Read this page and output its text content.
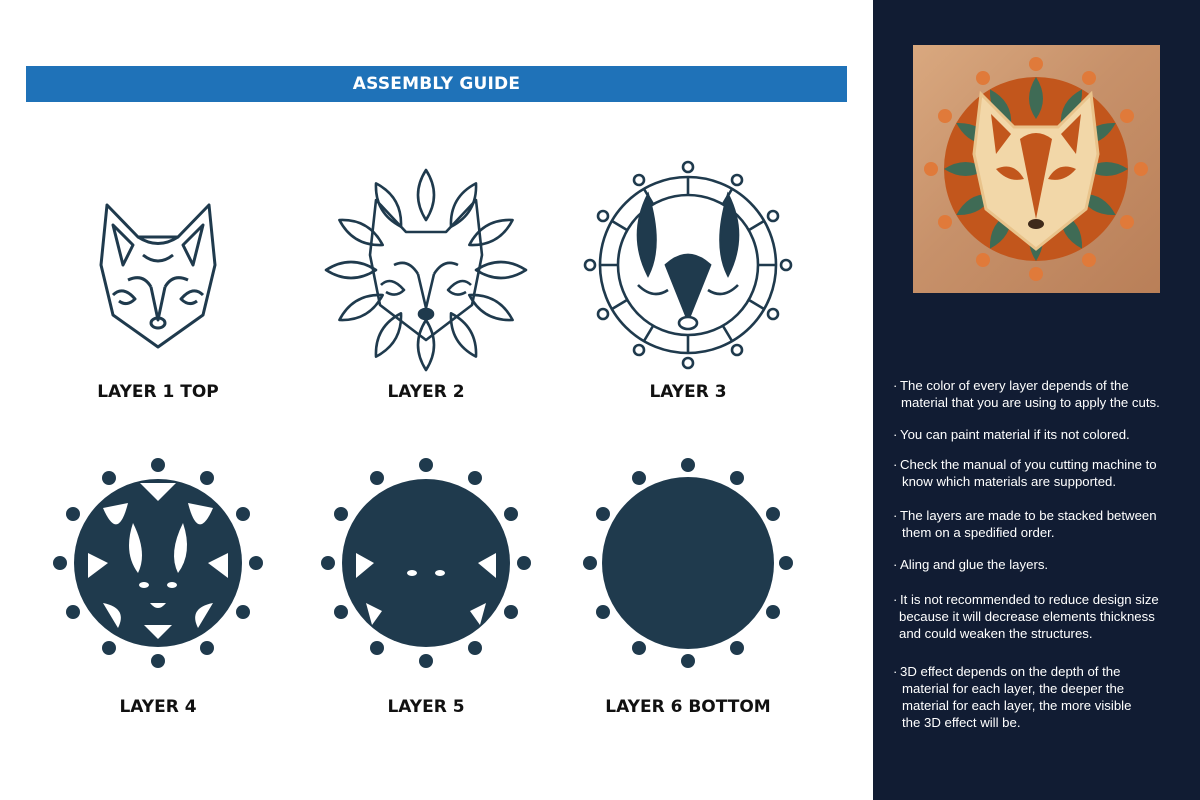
ASSEMBLY GUIDE
LAYER 1 TOP	LAYER 2	LAYER 3
LAYER 4	LAYER 5	LAYER 6 BOTTOM
· The color of every layer depends of the
material that you are using to apply the cuts.
· You can paint material if its not colored.
· Check the manual of you cutting machine to
know which materials are supported.
· The layers are made to be stacked between
them on a spedified order.
· Aling and glue the layers.
· It is not recommended to reduce design size
because it will decrease elements thickness
and could weaken the structures.
· 3D effect depends on the depth of the
material for each layer, the deeper the
material for each layer, the more visible
the 3D effect will be.
